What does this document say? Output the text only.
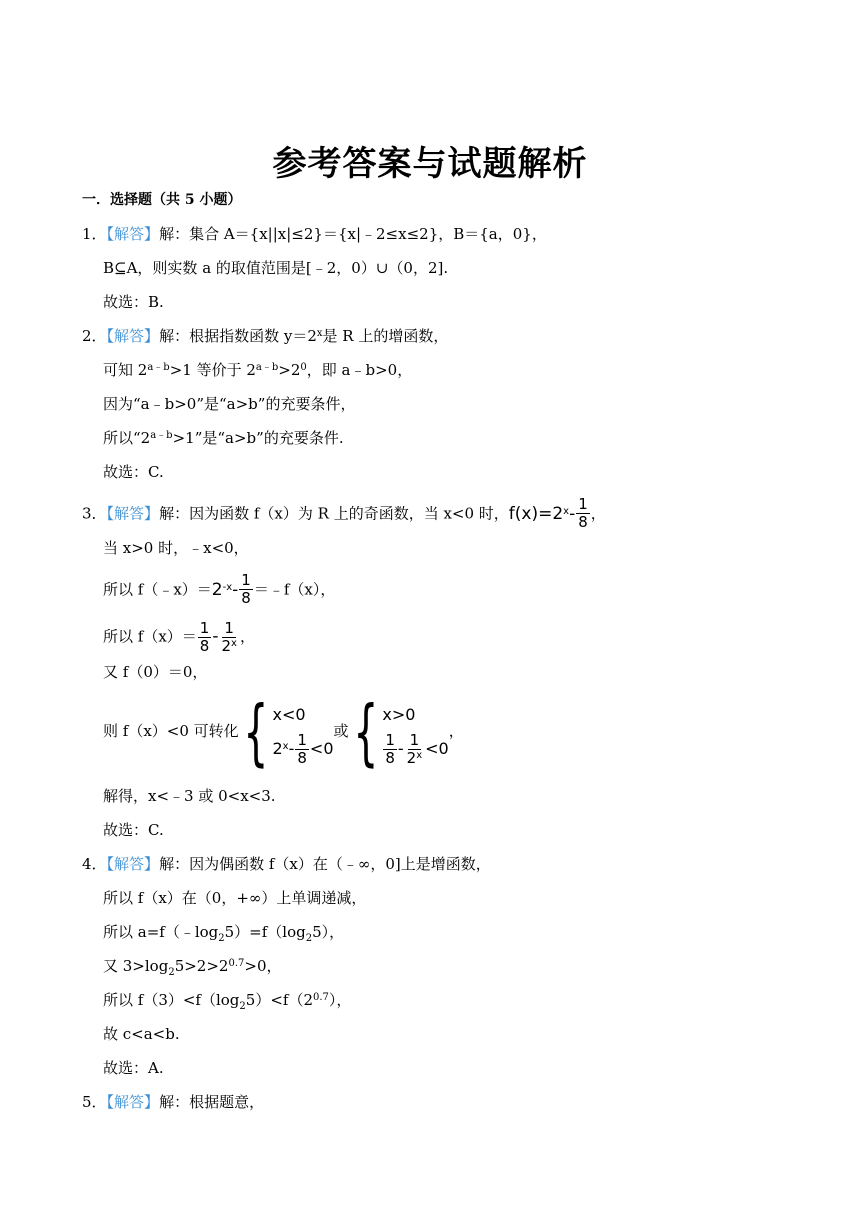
参考答案与试题解析
一．选择题（共 5 小题）
1．【解答】解：集合 A＝{x||x|≤2}＝{x|﹣2≤x≤2}，B＝{a，0}，
B⊆A，则实数 a 的取值范围是[﹣2，0）∪（0，2].
故选：B.
2．【解答】解：根据指数函数 $y=2^x$是 R 上的增函数，
可知 $2^{a﹣b}>1$ 等价于 $2^{a﹣b}>2^0$，即 a﹣b>0，
因为“a﹣b>0”是“a>b”的充要条件，
所以“$2^{a﹣b}>1$”是“a>b”的充要条件.
故选：C.
3．【解答】解：因为函数 f（x）为 R 上的奇函数，当 x<0 时，$f(x)=2^x- \frac{1}{8}$ ，
当 x>0 时，﹣x<0，
所以 $f(﹣x)=2^{-x}- \frac{1}{8}$ ＝﹣f（x），
所以 $f(x)= \frac{1}{8} - \frac{1}{2^x}$ ，
又 f（0）＝0，
则 f（x）<0 可转化{ x<0
$2^x- \frac{1}{8} <0$
或{ x>0
$\frac{1}{8} - \frac{1}{2^x} <0$
，
解得，x<﹣3 或 0<x<3.
故选：C.
4．【解答】解：因为偶函数 f（x）在（﹣∞，0]上是增函数，
所以 f（x）在（0，+∞）上单调递减，
所以 $a=f(﹣\log_25)=f(\log_25)$，
又 $3>\log_25>2>2^{0.7}>0$，
所以 $f(3)<f(\log_25)<f(2^{0.7})$，
故 c<a<b.
故选：A.
5．【解答】解：根据题意，
